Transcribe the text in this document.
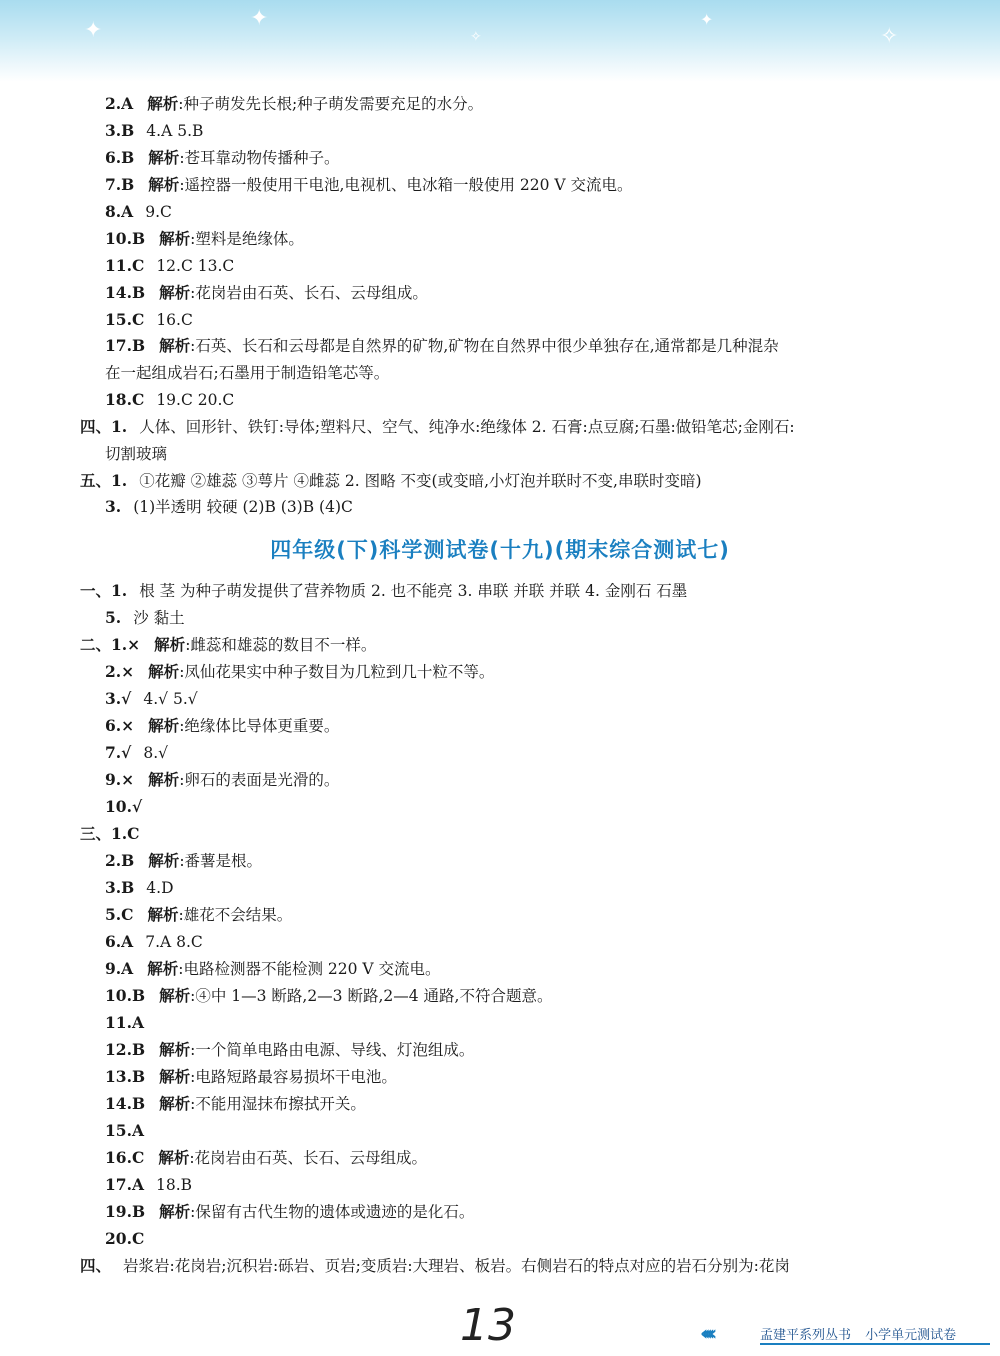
✦	✦
✧
✦
✧
2.A 解析:种子萌发先长根;种子萌发需要充足的水分。
3.B 4.A 5.B
6.B 解析:苍耳靠动物传播种子。
7.B 解析:遥控器一般使用干电池,电视机、电冰箱一般使用 220 V 交流电。
8.A 9.C
10.B 解析:塑料是绝缘体。
11.C 12.C 13.C
14.B 解析:花岗岩由石英、长石、云母组成。
15.C 16.C
17.B 解析:石英、长石和云母都是自然界的矿物,矿物在自然界中很少单独存在,通常都是几种混杂
在一起组成岩石;石墨用于制造铅笔芯等。
18.C 19.C 20.C
四、1. 人体、回形针、铁钉:导体;塑料尺、空气、纯净水:绝缘体 2. 石膏:点豆腐;石墨:做铅笔芯;金刚石:
切割玻璃
五、1. ①花瓣 ②雄蕊 ③萼片 ④雌蕊 2. 图略 不变(或变暗,小灯泡并联时不变,串联时变暗)
3. (1)半透明 较硬 (2)B (3)B (4)C
一、1. 根 茎 为种子萌发提供了营养物质 2. 也不能亮 3. 串联 并联 并联 4. 金刚石 石墨
5. 沙 黏土
二、1.× 解析:雌蕊和雄蕊的数目不一样。
2.× 解析:凤仙花果实中种子数目为几粒到几十粒不等。
3.√ 4.√ 5.√
6.× 解析:绝缘体比导体更重要。
7.√ 8.√
9.× 解析:卵石的表面是光滑的。
10.√
三、1.C
2.B 解析:番薯是根。
3.B 4.D
5.C 解析:雄花不会结果。
6.A 7.A 8.C
9.A 解析:电路检测器不能检测 220 V 交流电。
10.B 解析:④中 1—3 断路,2—3 断路,2—4 通路,不符合题意。
11.A
12.B 解析:一个简单电路由电源、导线、灯泡组成。
13.B 解析:电路短路最容易损坏干电池。
14.B 解析:不能用湿抹布擦拭开关。
15.A
16.C 解析:花岗岩由石英、长石、云母组成。
17.A 18.B
19.B 解析:保留有古代生物的遗体或遗迹的是化石。
20.C
四、 岩浆岩:花岗岩;沉积岩:砾岩、页岩;变质岩:大理岩、板岩。右侧岩石的特点对应的岩石分别为:花岗
四年级(下)科学测试卷(十九)(期末综合测试七)
13	‹‹‹‹‹	孟建平系列丛书 小学单元测试卷
